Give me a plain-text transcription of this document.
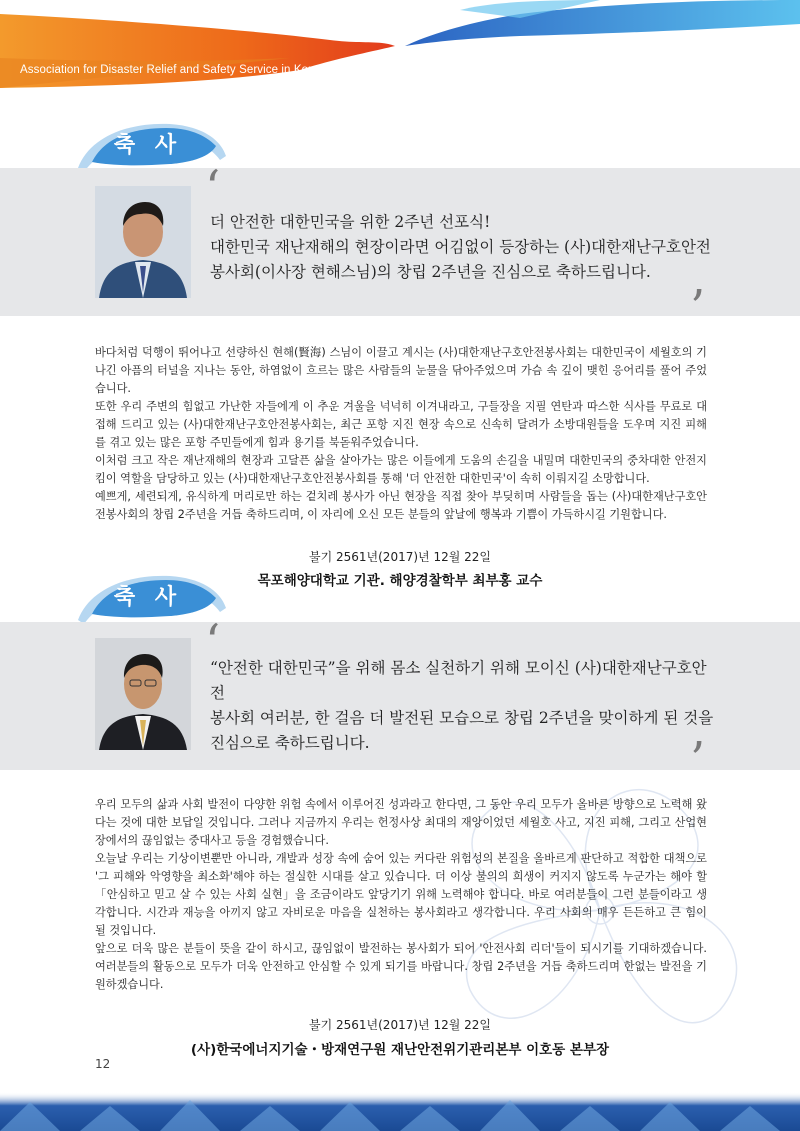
Association for Disaster Relief and Safety Service in Korea
축 사
‘
’

더 안전한 대한민국을 위한 2주년 선포식!

대한민국 재난재해의 현장이라면 어김없이 등장하는 (사)대한재난구호안전

봉사회(이사장 현해스님)의 창립 2주년을 진심으로 축하드립니다.

바다처럼 덕행이 뛰어나고 선량하신 현해(賢海) 스님이 이끌고 계시는 (사)대한재난구호안전봉사회는 대한민국이 세월호의 기나긴 아픔의 터널을 지나는 동안, 하염없이 흐르는 많은 사람들의 눈물을 닦아주었으며 가슴 속 깊이 맺힌 응어리를 풀어 주었습니다.

또한 우리 주변의 힘없고 가난한 자들에게 이 추운 겨울을 넉넉히 이겨내라고, 구들장을 지필 연탄과 따스한 식사를 무료로 대접해 드리고 있는 (사)대한재난구호안전봉사회는, 최근 포항 지진 현장 속으로 신속히 달려가 소방대원들을 도우며 지진 피해를 겪고 있는 많은 포항 주민들에게 힘과 용기를 북돋워주었습니다.

이처럼 크고 작은 재난재해의 현장과 고달픈 삶을 살아가는 많은 이들에게 도움의 손길을 내밀며 대한민국의 중차대한 안전지킴이 역할을 담당하고 있는 (사)대한재난구호안전봉사회를 통해 '더 안전한 대한민국'이 속히 이뤄지길 소망합니다.

예쁘게, 세련되게, 유식하게 머리로만 하는 겉치레 봉사가 아닌 현장을 직접 찾아 부딪히며 사람들을 돕는 (사)대한재난구호안전봉사회의 창립 2주년을 거듭 축하드리며, 이 자리에 오신 모든 분들의 앞날에 행복과 기쁨이 가득하시길 기원합니다.

불기 2561년(2017)년 12월 22일
목포해양대학교 기관. 해양경찰학부 최부홍 교수
축 사
‘
’

“안전한 대한민국”을 위해 몸소 실천하기 위해 모이신 (사)대한재난구호안전

봉사회 여러분, 한 걸음 더 발전된 모습으로 창립 2주년을 맞이하게 된 것을

진심으로 축하드립니다.

우리 모두의 삶과 사회 발전이 다양한 위험 속에서 이루어진 성과라고 한다면, 그 동안 우리 모두가 올바른 방향으로 노력해 왔다는 것에 대한 보답일 것입니다. 그러나 지금까지 우리는 헌정사상 최대의 재앙이었던 세월호 사고, 지진 피해, 그리고 산업현장에서의 끊임없는 중대사고 등을 경험했습니다.

오늘날 우리는 기상이변뿐만 아니라, 개발과 성장 속에 숨어 있는 커다란 위험성의 본질을 올바르게 판단하고 적합한 대책으로 '그 피해와 악영향을 최소화'해야 하는 절실한 시대를 살고 있습니다. 더 이상 불의의 희생이 커지지 않도록 누군가는 해야 할 「안심하고 믿고 살 수 있는 사회 실현」을 조금이라도 앞당기기 위해 노력해야 합니다. 바로 여러분들이 그런 분들이라고 생각합니다. 시간과 재능을 아끼지 않고 자비로운 마음을 실천하는 봉사회라고 생각합니다. 우리 사회의 매우 든든하고 큰 힘이 될 것입니다.

앞으로 더욱 많은 분들이 뜻을 같이 하시고, 끊임없이 발전하는 봉사회가 되어 '안전사회 리더'들이 되시기를 기대하겠습니다. 여러분들의 활동으로 모두가 더욱 안전하고 안심할 수 있게 되기를 바랍니다. 창립 2주년을 거듭 축하드리며 한없는 발전을 기원하겠습니다.

불기 2561년(2017)년 12월 22일
(사)한국에너지기술・방재연구원 재난안전위기관리본부 이호동 본부장
12
